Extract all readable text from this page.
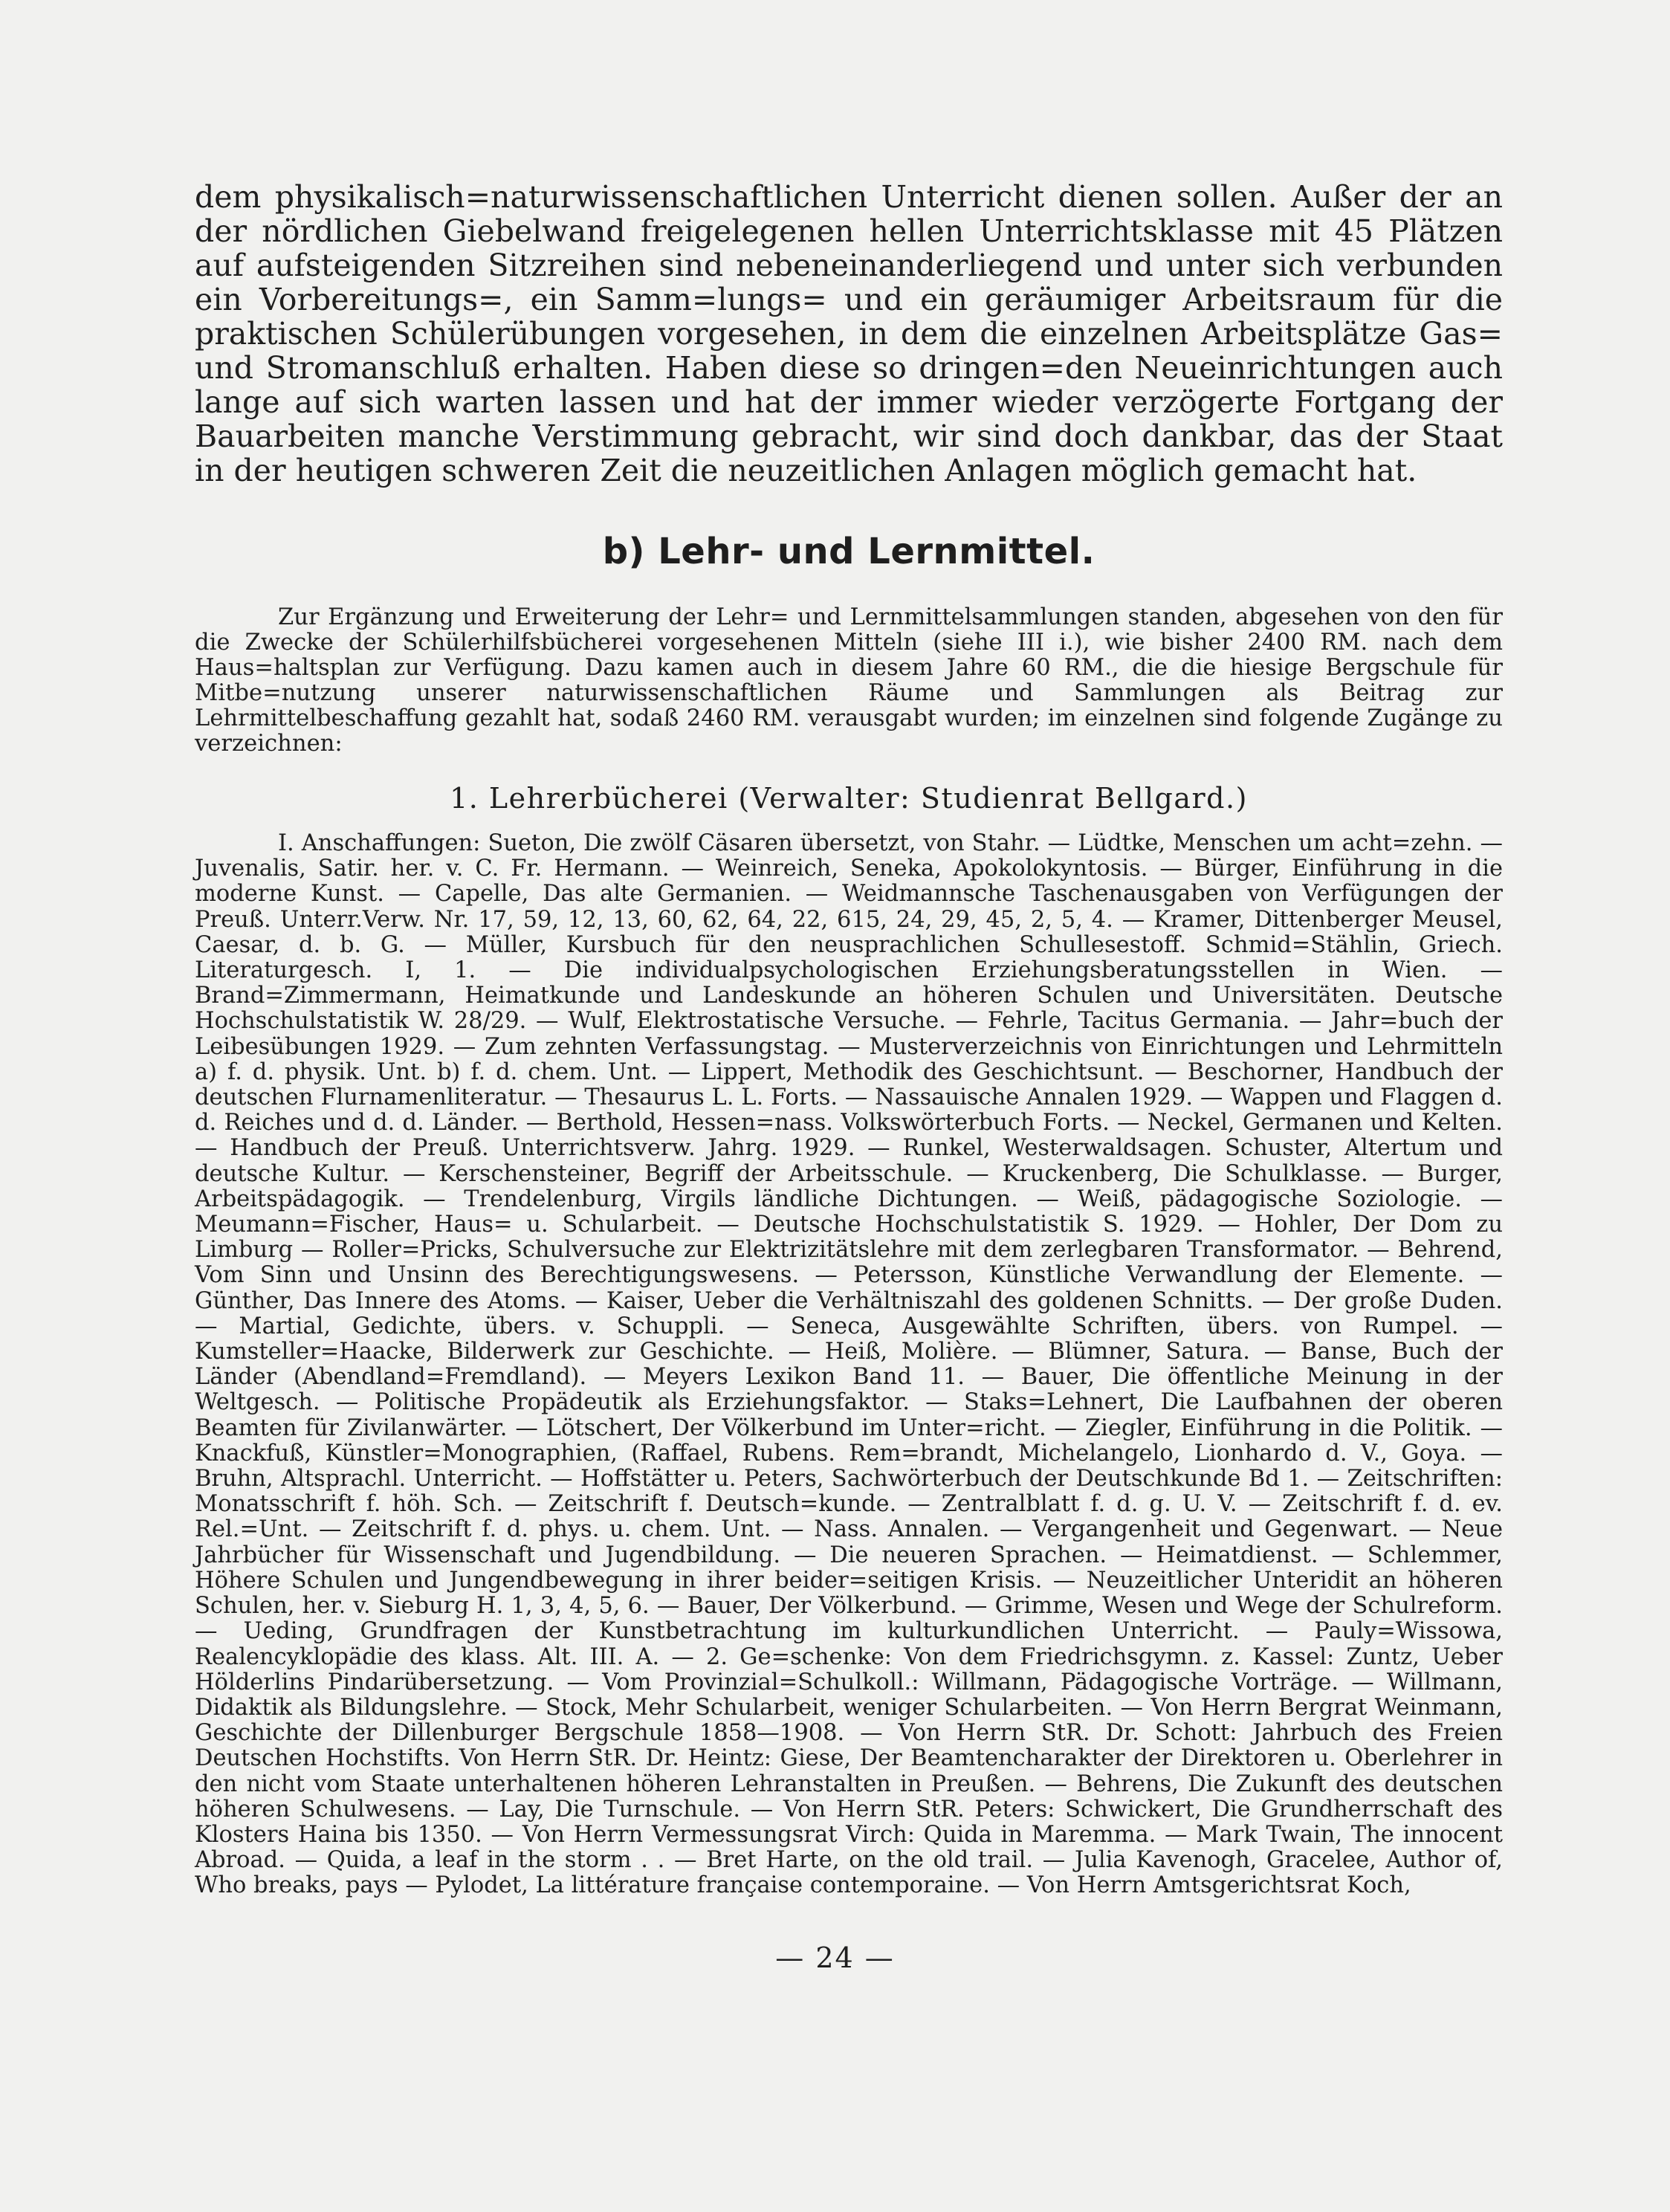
dem physikalisch=naturwissenschaftlichen Unterricht dienen sollen. Außer der an der nördlichen Giebelwand freigelegenen hellen Unterrichtsklasse mit 45 Plätzen auf aufsteigenden Sitzreihen sind nebeneinanderliegend und unter sich verbunden ein Vorbereitungs=, ein Samm=lungs= und ein geräumiger Arbeitsraum für die praktischen Schülerübungen vorgesehen, in dem die einzelnen Arbeitsplätze Gas= und Stromanschluß erhalten. Haben diese so dringen=den Neueinrichtungen auch lange auf sich warten lassen und hat der immer wieder verzögerte Fortgang der Bauarbeiten manche Verstimmung gebracht, wir sind doch dankbar, das der Staat in der heutigen schweren Zeit die neuzeitlichen Anlagen möglich gemacht hat.

b) Lehr- und Lernmittel.

Zur Ergänzung und Erweiterung der Lehr= und Lernmittelsammlungen standen, abgesehen von den für die Zwecke der Schülerhilfsbücherei vorgesehenen Mitteln (siehe III i.), wie bisher 2400 RM. nach dem Haus=haltsplan zur Verfügung. Dazu kamen auch in diesem Jahre 60 RM., die die hiesige Bergschule für Mitbe=nutzung unserer naturwissenschaftlichen Räume und Sammlungen als Beitrag zur Lehrmittelbeschaffung gezahlt hat, sodaß 2460 RM. verausgabt wurden; im einzelnen sind folgende Zugänge zu verzeichnen:

1. Lehrerbücherei (Verwalter: Studienrat Bellgard.)

I. Anschaffungen: Sueton, Die zwölf Cäsaren übersetzt, von Stahr. — Lüdtke, Menschen um acht=zehn. — Juvenalis, Satir. her. v. C. Fr. Hermann. — Weinreich, Seneka, Apokolokyntosis. — Bürger, Einführung in die moderne Kunst. — Capelle, Das alte Germanien. — Weidmannsche Taschenausgaben von Verfügungen der Preuß. Unterr.Verw. Nr. 17, 59, 12, 13, 60, 62, 64, 22, 615, 24, 29, 45, 2, 5, 4. — Kramer, Dittenberger Meusel, Caesar, d. b. G. — Müller, Kursbuch für den neusprachlichen Schullesestoff. Schmid=Stählin, Griech. Literaturgesch. I, 1. — Die individualpsychologischen Erziehungsberatungsstellen in Wien. — Brand=Zimmermann, Heimatkunde und Landeskunde an höheren Schulen und Universitäten. Deutsche Hochschulstatistik W. 28/29. — Wulf, Elektrostatische Versuche. — Fehrle, Tacitus Germania. — Jahr=buch der Leibesübungen 1929. — Zum zehnten Verfassungstag. — Musterverzeichnis von Einrichtungen und Lehrmitteln a) f. d. physik. Unt. b) f. d. chem. Unt. — Lippert, Methodik des Geschichtsunt. — Beschorner, Handbuch der deutschen Flurnamenliteratur. — Thesaurus L. L. Forts. — Nassauische Annalen 1929. — Wappen und Flaggen d. d. Reiches und d. d. Länder. — Berthold, Hessen=nass. Volkswörterbuch Forts. — Neckel, Germanen und Kelten. — Handbuch der Preuß. Unterrichtsverw. Jahrg. 1929. — Runkel, Westerwaldsagen. Schuster, Altertum und deutsche Kultur. — Kerschensteiner, Begriff der Arbeitsschule. — Kruckenberg, Die Schulklasse. — Burger, Arbeitspädagogik. — Trendelenburg, Virgils ländliche Dichtungen. — Weiß, pädagogische Soziologie. — Meumann=Fischer, Haus= u. Schularbeit. — Deutsche Hochschulstatistik S. 1929. — Hohler, Der Dom zu Limburg — Roller=Pricks, Schulversuche zur Elektrizitätslehre mit dem zerlegbaren Transformator. — Behrend, Vom Sinn und Unsinn des Berechtigungswesens. — Petersson, Künstliche Verwandlung der Elemente. — Günther, Das Innere des Atoms. — Kaiser, Ueber die Verhältniszahl des goldenen Schnitts. — Der große Duden. — Martial, Gedichte, übers. v. Schuppli. — Seneca, Ausgewählte Schriften, übers. von Rumpel. — Kumsteller=Haacke, Bilderwerk zur Geschichte. — Heiß, Molière. — Blümner, Satura. — Banse, Buch der Länder (Abendland=Fremdland). — Meyers Lexikon Band 11. — Bauer, Die öffentliche Meinung in der Weltgesch. — Politische Propädeutik als Erziehungsfaktor. — Staks=Lehnert, Die Laufbahnen der oberen Beamten für Zivilanwärter. — Lötschert, Der Völkerbund im Unter=richt. — Ziegler, Einführung in die Politik. — Knackfuß, Künstler=Monographien, (Raffael, Rubens. Rem=brandt, Michelangelo, Lionhardo d. V., Goya. — Bruhn, Altsprachl. Unterricht. — Hoffstätter u. Peters, Sachwörterbuch der Deutschkunde Bd 1. — Zeitschriften: Monatsschrift f. höh. Sch. — Zeitschrift f. Deutsch=kunde. — Zentralblatt f. d. g. U. V. — Zeitschrift f. d. ev. Rel.=Unt. — Zeitschrift f. d. phys. u. chem. Unt. — Nass. Annalen. — Vergangenheit und Gegenwart. — Neue Jahrbücher für Wissenschaft und Jugendbildung. — Die neueren Sprachen. — Heimatdienst. — Schlemmer, Höhere Schulen und Jungendbewegung in ihrer beider=seitigen Krisis. — Neuzeitlicher Unteridit an höheren Schulen, her. v. Sieburg H. 1, 3, 4, 5, 6. — Bauer, Der Völkerbund. — Grimme, Wesen und Wege der Schulreform. — Ueding, Grundfragen der Kunstbetrachtung im kulturkundlichen Unterricht. — Pauly=Wissowa, Realencyklopädie des klass. Alt. III. A. — 2. Ge=schenke: Von dem Friedrichsgymn. z. Kassel: Zuntz, Ueber Hölderlins Pindarübersetzung. — Vom Provinzial=Schulkoll.: Willmann, Pädagogische Vorträge. — Willmann, Didaktik als Bildungslehre. — Stock, Mehr Schularbeit, weniger Schularbeiten. — Von Herrn Bergrat Weinmann, Geschichte der Dillenburger Bergschule 1858—1908. — Von Herrn StR. Dr. Schott: Jahrbuch des Freien Deutschen Hochstifts. Von Herrn StR. Dr. Heintz: Giese, Der Beamtencharakter der Direktoren u. Oberlehrer in den nicht vom Staate unterhaltenen höheren Lehranstalten in Preußen. — Behrens, Die Zukunft des deutschen höheren Schulwesens. — Lay, Die Turnschule. — Von Herrn StR. Peters: Schwickert, Die Grundherrschaft des Klosters Haina bis 1350. — Von Herrn Vermessungsrat Virch: Quida in Maremma. — Mark Twain, The innocent Abroad. — Quida, a leaf in the storm . . — Bret Harte, on the old trail. — Julia Kavenogh, Gracelee, Author of, Who breaks, pays — Pylodet, La littérature française contemporaine. — Von Herrn Amtsgerichtsrat Koch,

— 24 —
